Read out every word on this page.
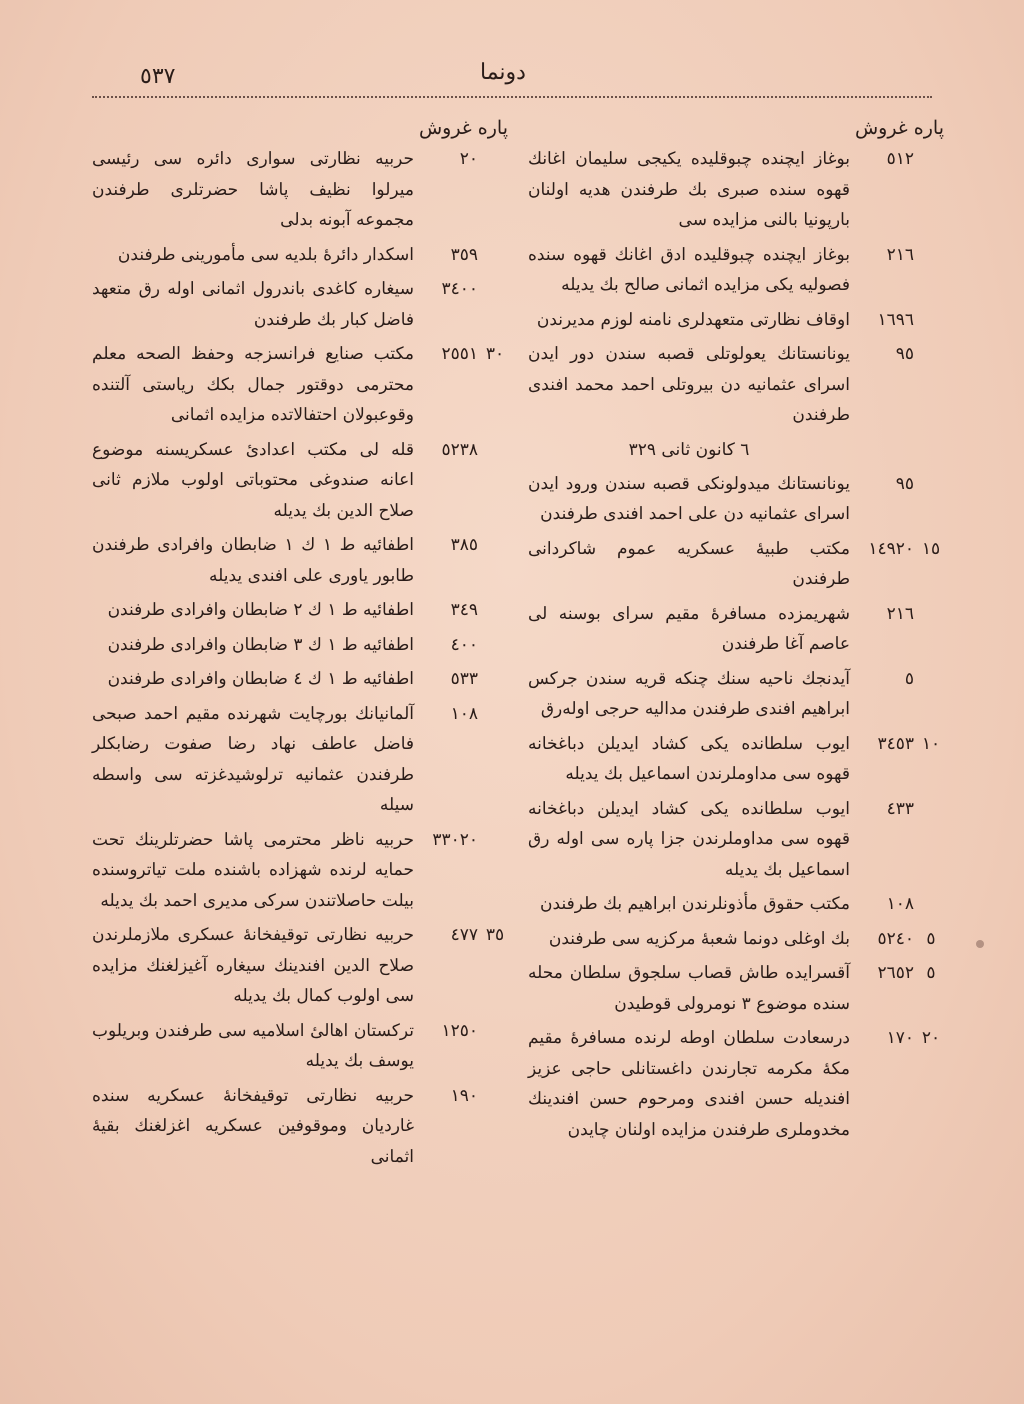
٥٣٧	دونما
پاره غروش
٥١٢
بوغاز ایچنده چبوقلیده یکیجی سلیمان اغانك قهوه سنده صبری بك طرفندن هدیه اولنان بارپونیا بالنی مزایده سی
٢١٦
بوغاز ایچنده چبوقلیده ادق اغانك قهوه سنده فصولیه یکی مزایده اثمانی صالح بك یدیله
١٦٩٦
اوقاف نظارتی متعهدلری نامنه لوزم مدیرندن
٩٥
یونانستانك یعولوتلی قصبه سندن دور ایدن اسرای عثمانیه دن بیروتلی احمد محمد افندی طرفندن
٦ کانون ثانی ٣٢٩
٩٥
یونانستانك میدولونکی قصبه سندن ورود ایدن اسرای عثمانیه دن علی احمد افندی طرفندن
١٥
١٤٩٢٠
مکتب طبیهٔ عسکریه عموم شاکردانی طرفندن
٢١٦
شهریمزده مسافرهٔ مقیم سرای بوسنه لی عاصم آغا طرفندن
٥
آیدنجك ناحیه سنك چنکه قریه سندن جرکس ابراهیم افندی طرفندن مدالیه حرجی اولەرق
١٠
٣٤٥٣
ایوب سلطانده یکی کشاد ایدیلن دباغخانه قهوه سی مداوملرندن اسماعیل بك یدیله
٤٣٣
ایوب سلطانده یکی کشاد ایدیلن دباغخانه قهوه سی مداوملرندن جزا پاره سی اوله رق اسماعیل بك یدیله
١٠٨
مکتب حقوق مأذونلرندن ابراهیم بك طرفندن
٥
٥٢٤٠
بك اوغلی دونما شعبهٔ مرکزیه سی طرفندن
٥
٢٦٥٢
آقسرایده طاش قصاب سلجوق سلطان محله سنده موضوع ٣ نومرولی قوطیدن
٢٠
١٧٠
درسعادت سلطان اوطه لرنده مسافرهٔ مقیم مکهٔ مکرمه تجارندن داغستانلی حاجی عزیز افندیله حسن افندی ومرحوم حسن افندینك مخدوملری طرفندن مزایده اولنان چایدن
پاره غروش
٢٠
حربیه نظارتی سواری دائره سی رئیسی میرلوا نظیف پاشا حضرتلری طرفندن مجموعه آبونه بدلی
٣٥٩
اسکدار دائرهٔ بلدیه سی مأمورینی طرفندن
٣٤٠٠
سیغاره کاغدی باندرول اثمانی اوله رق متعهد فاضل کبار بك طرفندن
٣٠
٢٥٥١
مکتب صنایع فرانسزجه وحفظ الصحه معلم محترمی دوقتور جمال بکك ریاستی آلتنده وقوعبولان احتفالاتده مزایده اثمانی
٥٢٣٨
قله لی مکتب اعدادیٔ عسکریسنه موضوع اعانه صندوغی محتوباتی اولوب ملازم ثانی صلاح الدین بك یدیله
٣٨٥
اطفائیه ط ١ ك ١ ضابطان وافرادی طرفندن طابور یاوری علی افندی یدیله
٣٤٩
اطفائیه ط ١ ك ٢ ضابطان وافرادی طرفندن
٤٠٠
اطفائیه ط ١ ك ٣ ضابطان وافرادی طرفندن
٥٣٣
اطفائیه ط ١ ك ٤ ضابطان وافرادی طرفندن
١٠٨
آلمانیانك بورچایت شهرنده مقیم احمد صبحی فاضل عاطف نهاد رضا صفوت رضابکلر طرفندن عثمانیه ترلوشیدغزته سی واسطه سیله
٣٣٠٢٠
حربیه ناظر محترمی پاشا حضرتلرینك تحت حمایه لرنده شهزاده باشنده ملت تیاتروسنده بیلت حاصلاتندن سرکی مدیری احمد بك یدیله
٣٥
٤٧٧
حربیه نظارتی توقیفخانهٔ عسکری ملازملرندن صلاح الدین افندینك سیغاره آغیزلغنك مزایده سی اولوب کمال بك یدیله
١٢٥٠
ترکستان اهالیٔ اسلامیه سی طرفندن وبریلوب یوسف بك یدیله
١٩٠
حربیه نظارتی توقیفخانهٔ عسکریه سنده غاردیان وموقوفین عسکریه اغزلغنك بقیهٔ اثمانی
